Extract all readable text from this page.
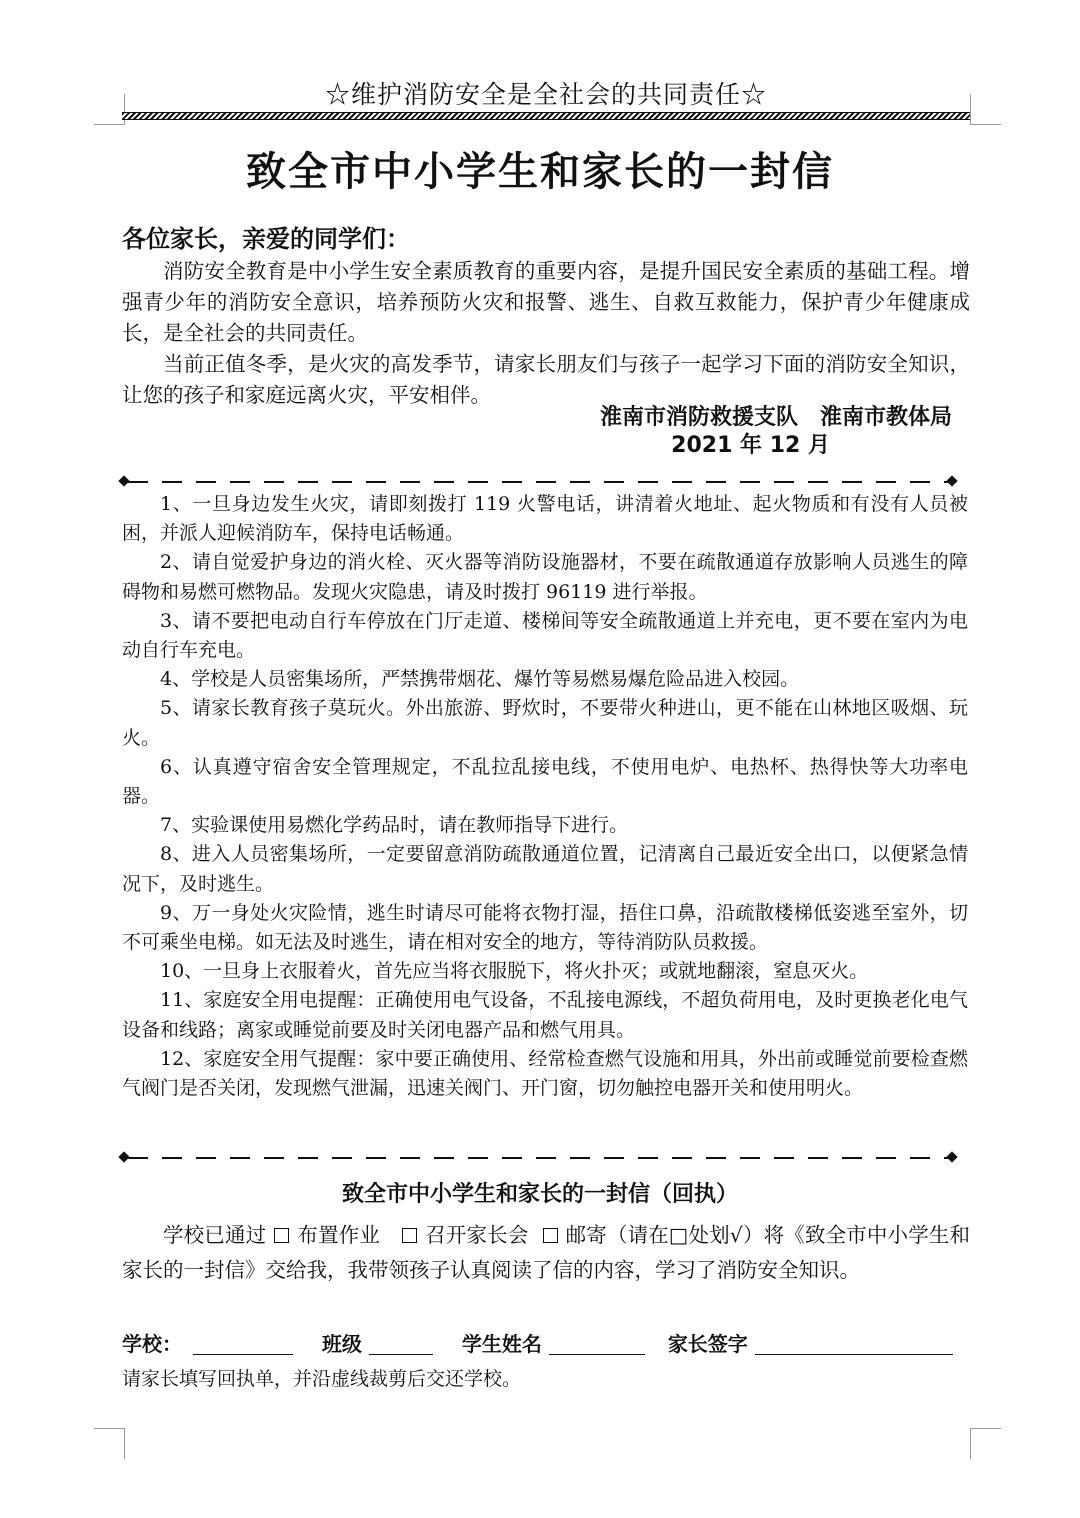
☆维护消防安全是全社会的共同责任☆
致全市中小学生和家长的一封信
各位家长，亲爱的同学们：

消防安全教育是中小学生安全素质教育的重要内容，是提升国民安全素质的基础工程。增强青少年的消防安全意识，培养预防火灾和报警、逃生、自救互救能力，保护青少年健康成长，是全社会的共同责任。

当前正值冬季，是火灾的高发季节，请家长朋友们与孩子一起学习下面的消防安全知识，让您的孩子和家庭远离火灾，平安相伴。

淮南市消防救援支队　淮南市教体局
2021 年 12 月

1、一旦身边发生火灾，请即刻拨打 119 火警电话，讲清着火地址、起火物质和有没有人员被困，并派人迎候消防车，保持电话畅通。

2、请自觉爱护身边的消火栓、灭火器等消防设施器材，不要在疏散通道存放影响人员逃生的障碍物和易燃可燃物品。发现火灾隐患，请及时拨打 96119 进行举报。

3、请不要把电动自行车停放在门厅走道、楼梯间等安全疏散通道上并充电，更不要在室内为电动自行车充电。

4、学校是人员密集场所，严禁携带烟花、爆竹等易燃易爆危险品进入校园。

5、请家长教育孩子莫玩火。外出旅游、野炊时，不要带火种进山，更不能在山林地区吸烟、玩火。

6、认真遵守宿舍安全管理规定，不乱拉乱接电线，不使用电炉、电热杯、热得快等大功率电器。

7、实验课使用易燃化学药品时，请在教师指导下进行。

8、进入人员密集场所，一定要留意消防疏散通道位置，记清离自己最近安全出口，以便紧急情况下，及时逃生。

9、万一身处火灾险情，逃生时请尽可能将衣物打湿，捂住口鼻，沿疏散楼梯低姿逃至室外，切不可乘坐电梯。如无法及时逃生，请在相对安全的地方，等待消防队员救援。

10、一旦身上衣服着火，首先应当将衣服脱下，将火扑灭；或就地翻滚，窒息灭火。

11、家庭安全用电提醒：正确使用电气设备，不乱接电源线，不超负荷用电，及时更换老化电气设备和线路；离家或睡觉前要及时关闭电器产品和燃气用具。

12、家庭安全用气提醒：家中要正确使用、经常检查燃气设施和用具，外出前或睡觉前要检查燃气阀门是否关闭，发现燃气泄漏，迅速关阀门、开门窗，切勿触控电器开关和使用明火。

致全市中小学生和家长的一封信（回执）
学校已通过 布置作业 召开家长会 邮寄（请在□处划√）将《致全市中小学生和家长的一封信》交给我，我带领孩子认真阅读了信的内容，学习了消防安全知识。
学校：	班级	学生姓名	家长签字
请家长填写回执单，并沿虚线裁剪后交还学校。
